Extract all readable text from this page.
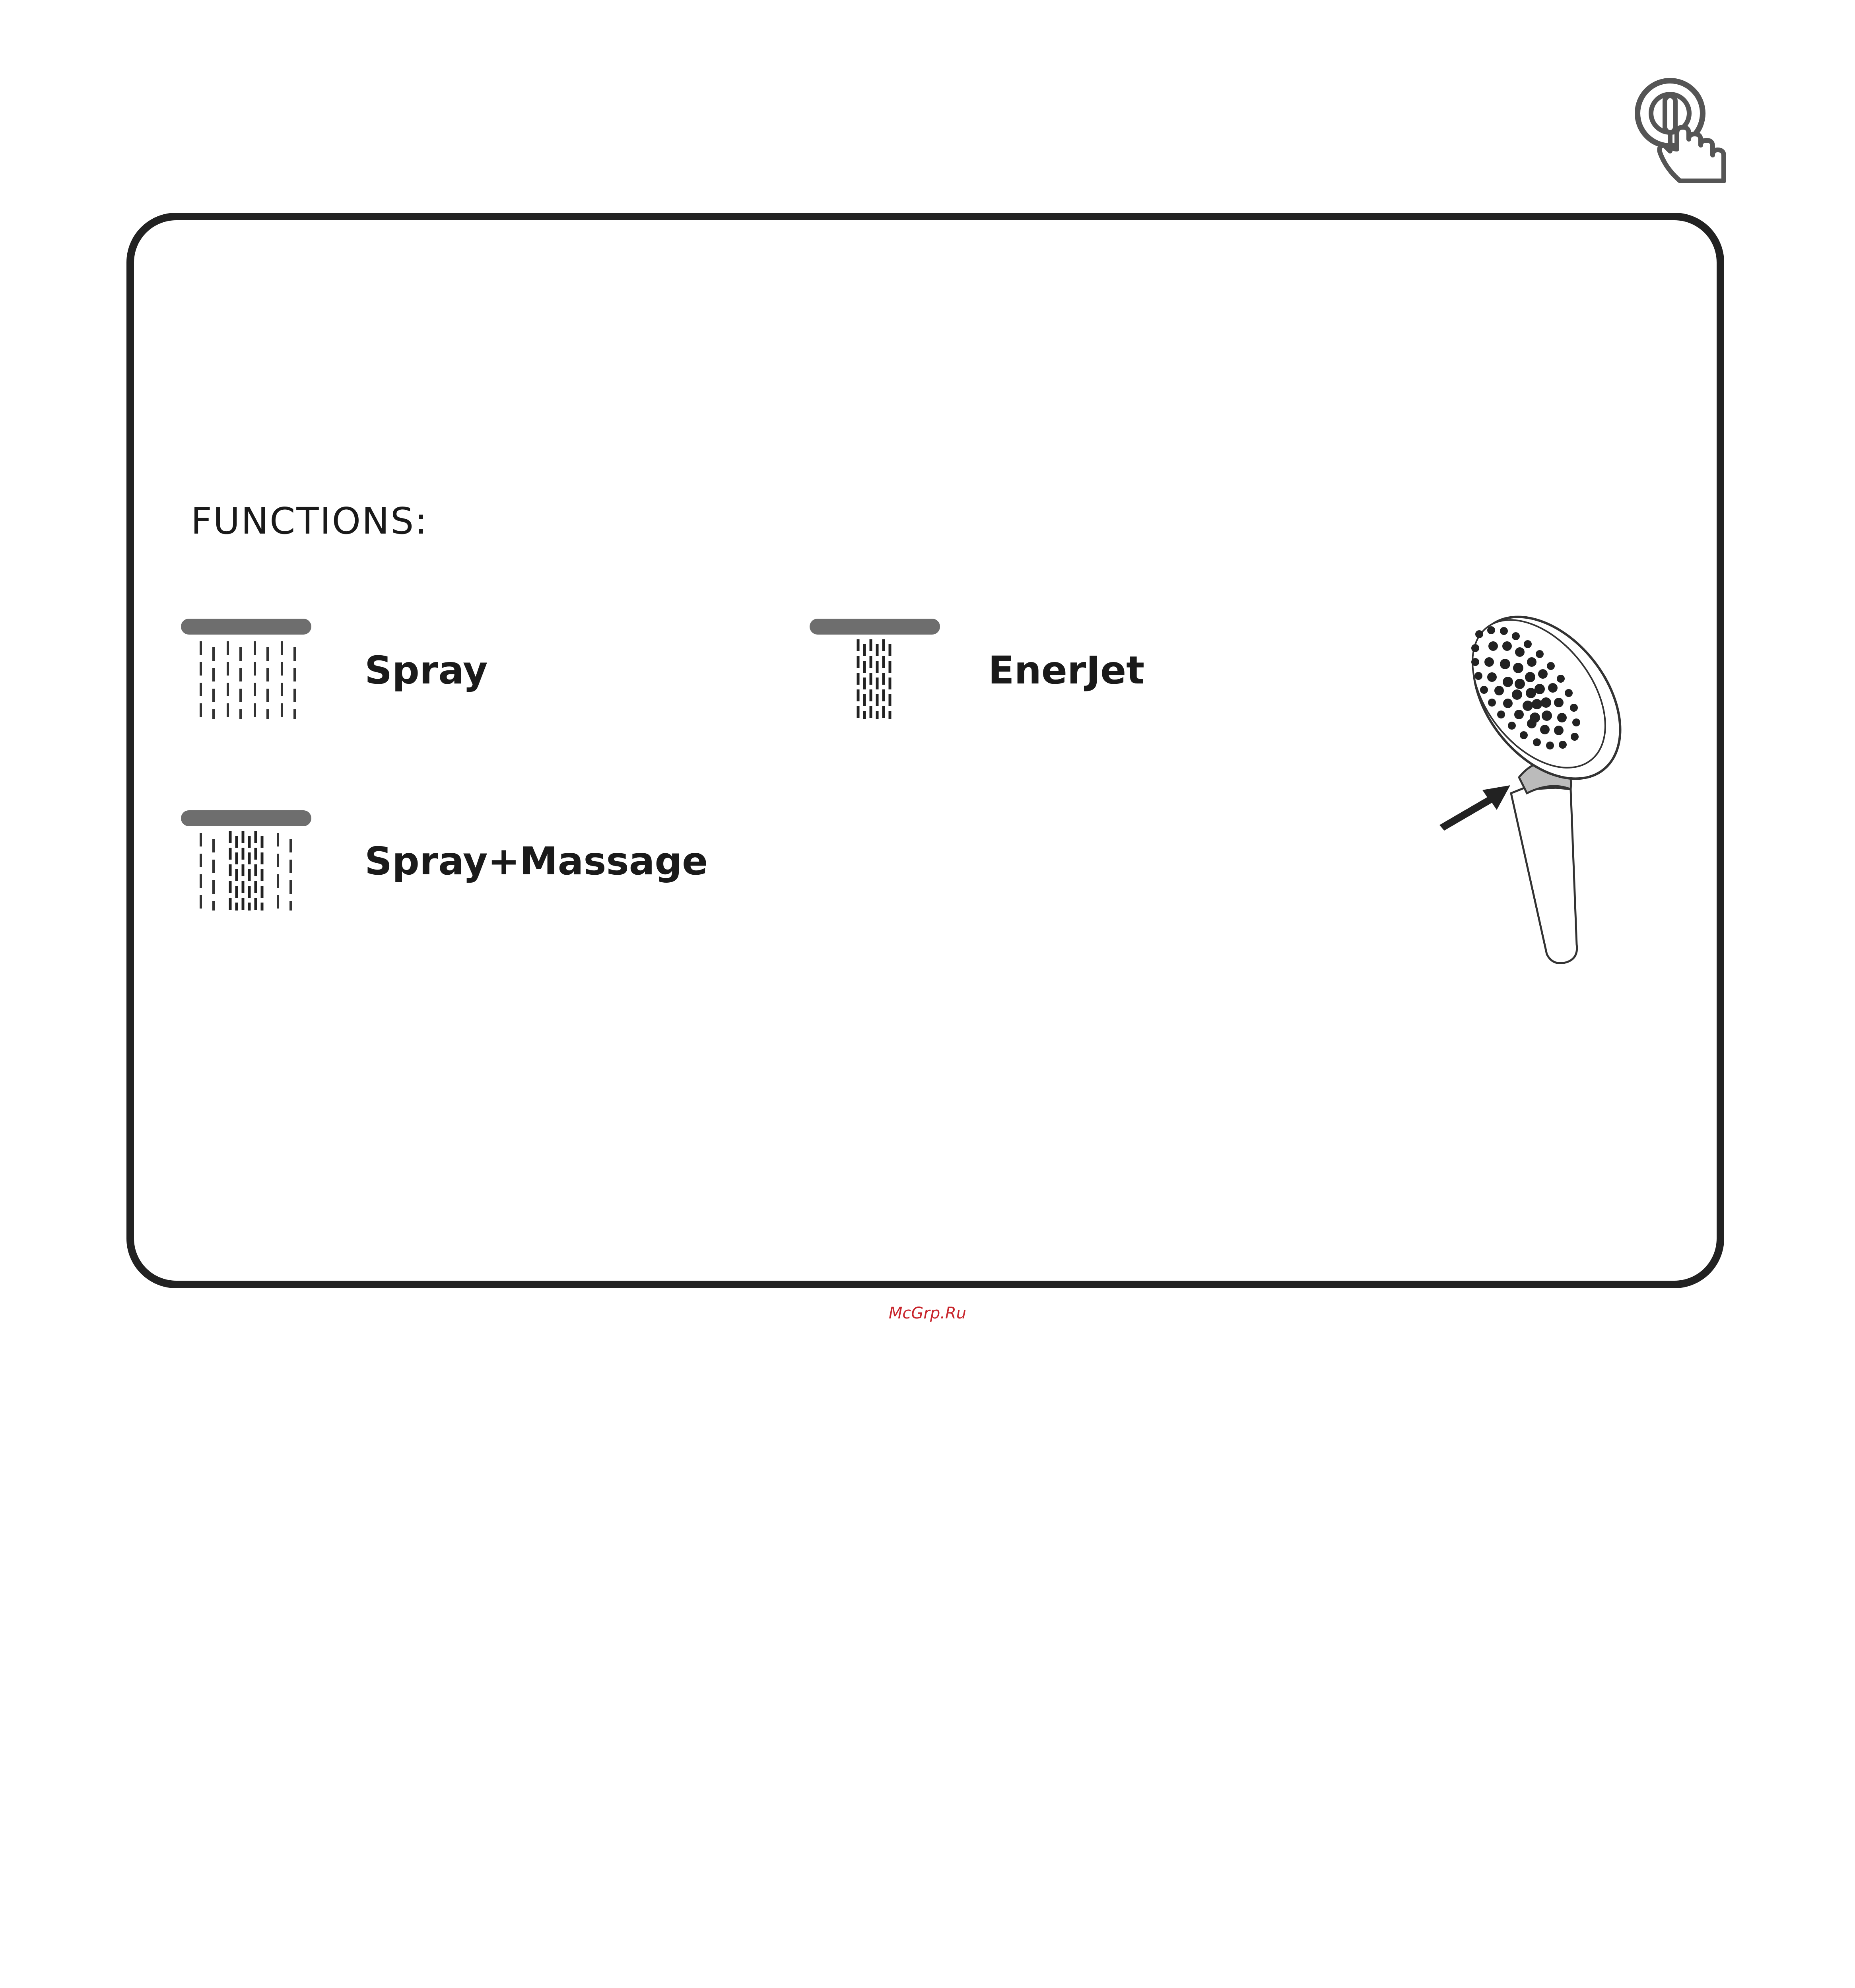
FUNCTIONS:
Spray	EnerJet
Spray+Massage
McGrp.Ru
